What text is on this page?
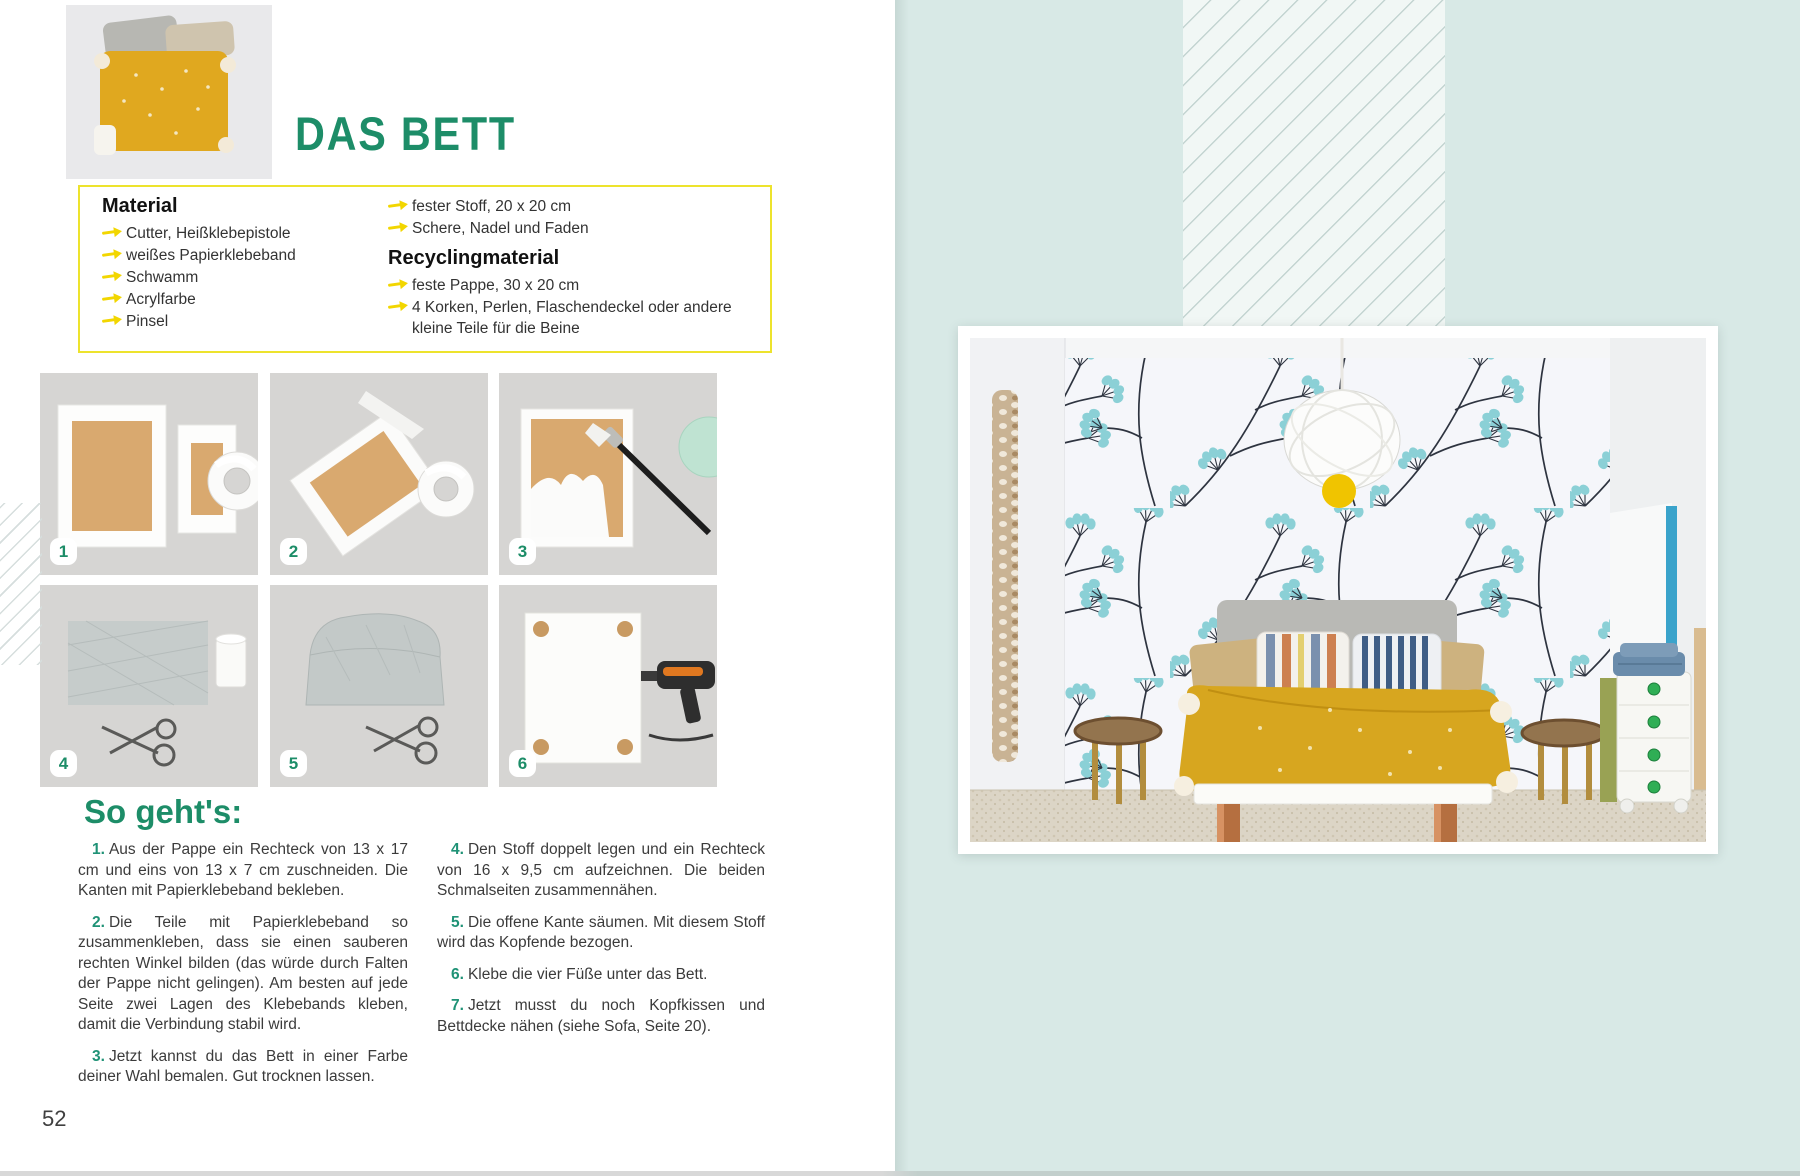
DAS BETT
Material
Cutter, Heißklebepistole
weißes Papierklebeband
Schwamm
Acrylfarbe
Pinsel
fester Stoff, 20 x 20 cm
Schere, Nadel und Faden
Recyclingmaterial
feste Pappe, 30 x 20 cm
4 Korken, Perlen, Flaschendeckel oder andere kleine Teile für die Beine
1	2	3
4	5	6
So geht's:

1. Aus der Pappe ein Rechteck von 13 x 17 cm und eins von 13 x 7 cm zuschneiden. Die Kanten mit Papierklebeband bekleben.

2. Die Teile mit Papierklebeband so zusammenkleben, dass sie einen sauberen rechten Winkel bilden (das würde durch Falten der Pappe nicht gelingen). Am besten auf jede Seite zwei Lagen des Klebebands kleben, damit die Verbindung stabil wird.

3. Jetzt kannst du das Bett in einer Farbe deiner Wahl bemalen. Gut trocknen lassen.

4. Den Stoff doppelt legen und ein Rechteck von 16 x 9,5 cm aufzeichnen. Die beiden Schmalseiten zusammennähen.

5. Die offene Kante säumen. Mit diesem Stoff wird das Kopfende bezogen.

6. Klebe die vier Füße unter das Bett.

7. Jetzt musst du noch Kopfkissen und Bettdecke nähen (siehe Sofa, Seite 20).

52
